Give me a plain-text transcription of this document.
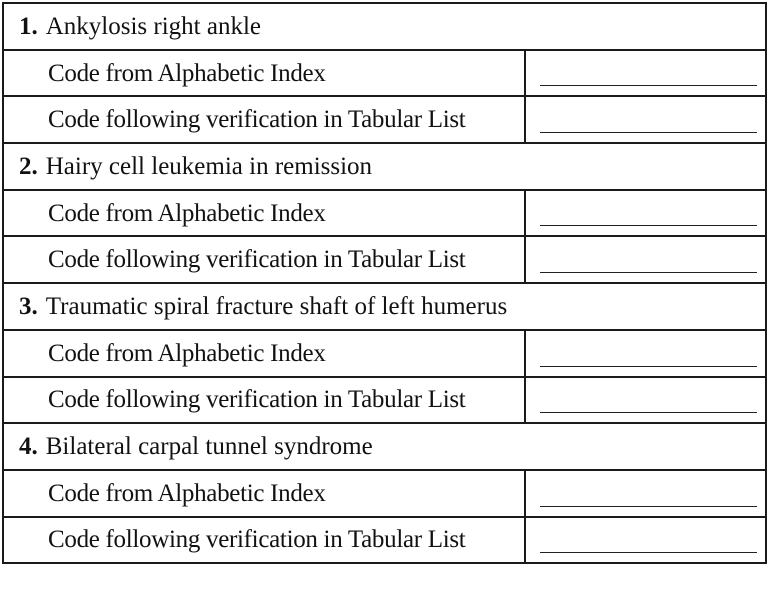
1. Ankylosis right ankle	
Code from Alphabetic Index	

Code following verification in Tabular List	

2. Hairy cell leukemia in remission	
Code from Alphabetic Index	

Code following verification in Tabular List	

3. Traumatic spiral fracture shaft of left humerus	
Code from Alphabetic Index	

Code following verification in Tabular List	

4. Bilateral carpal tunnel syndrome	
Code from Alphabetic Index	

Code following verification in Tabular List	
